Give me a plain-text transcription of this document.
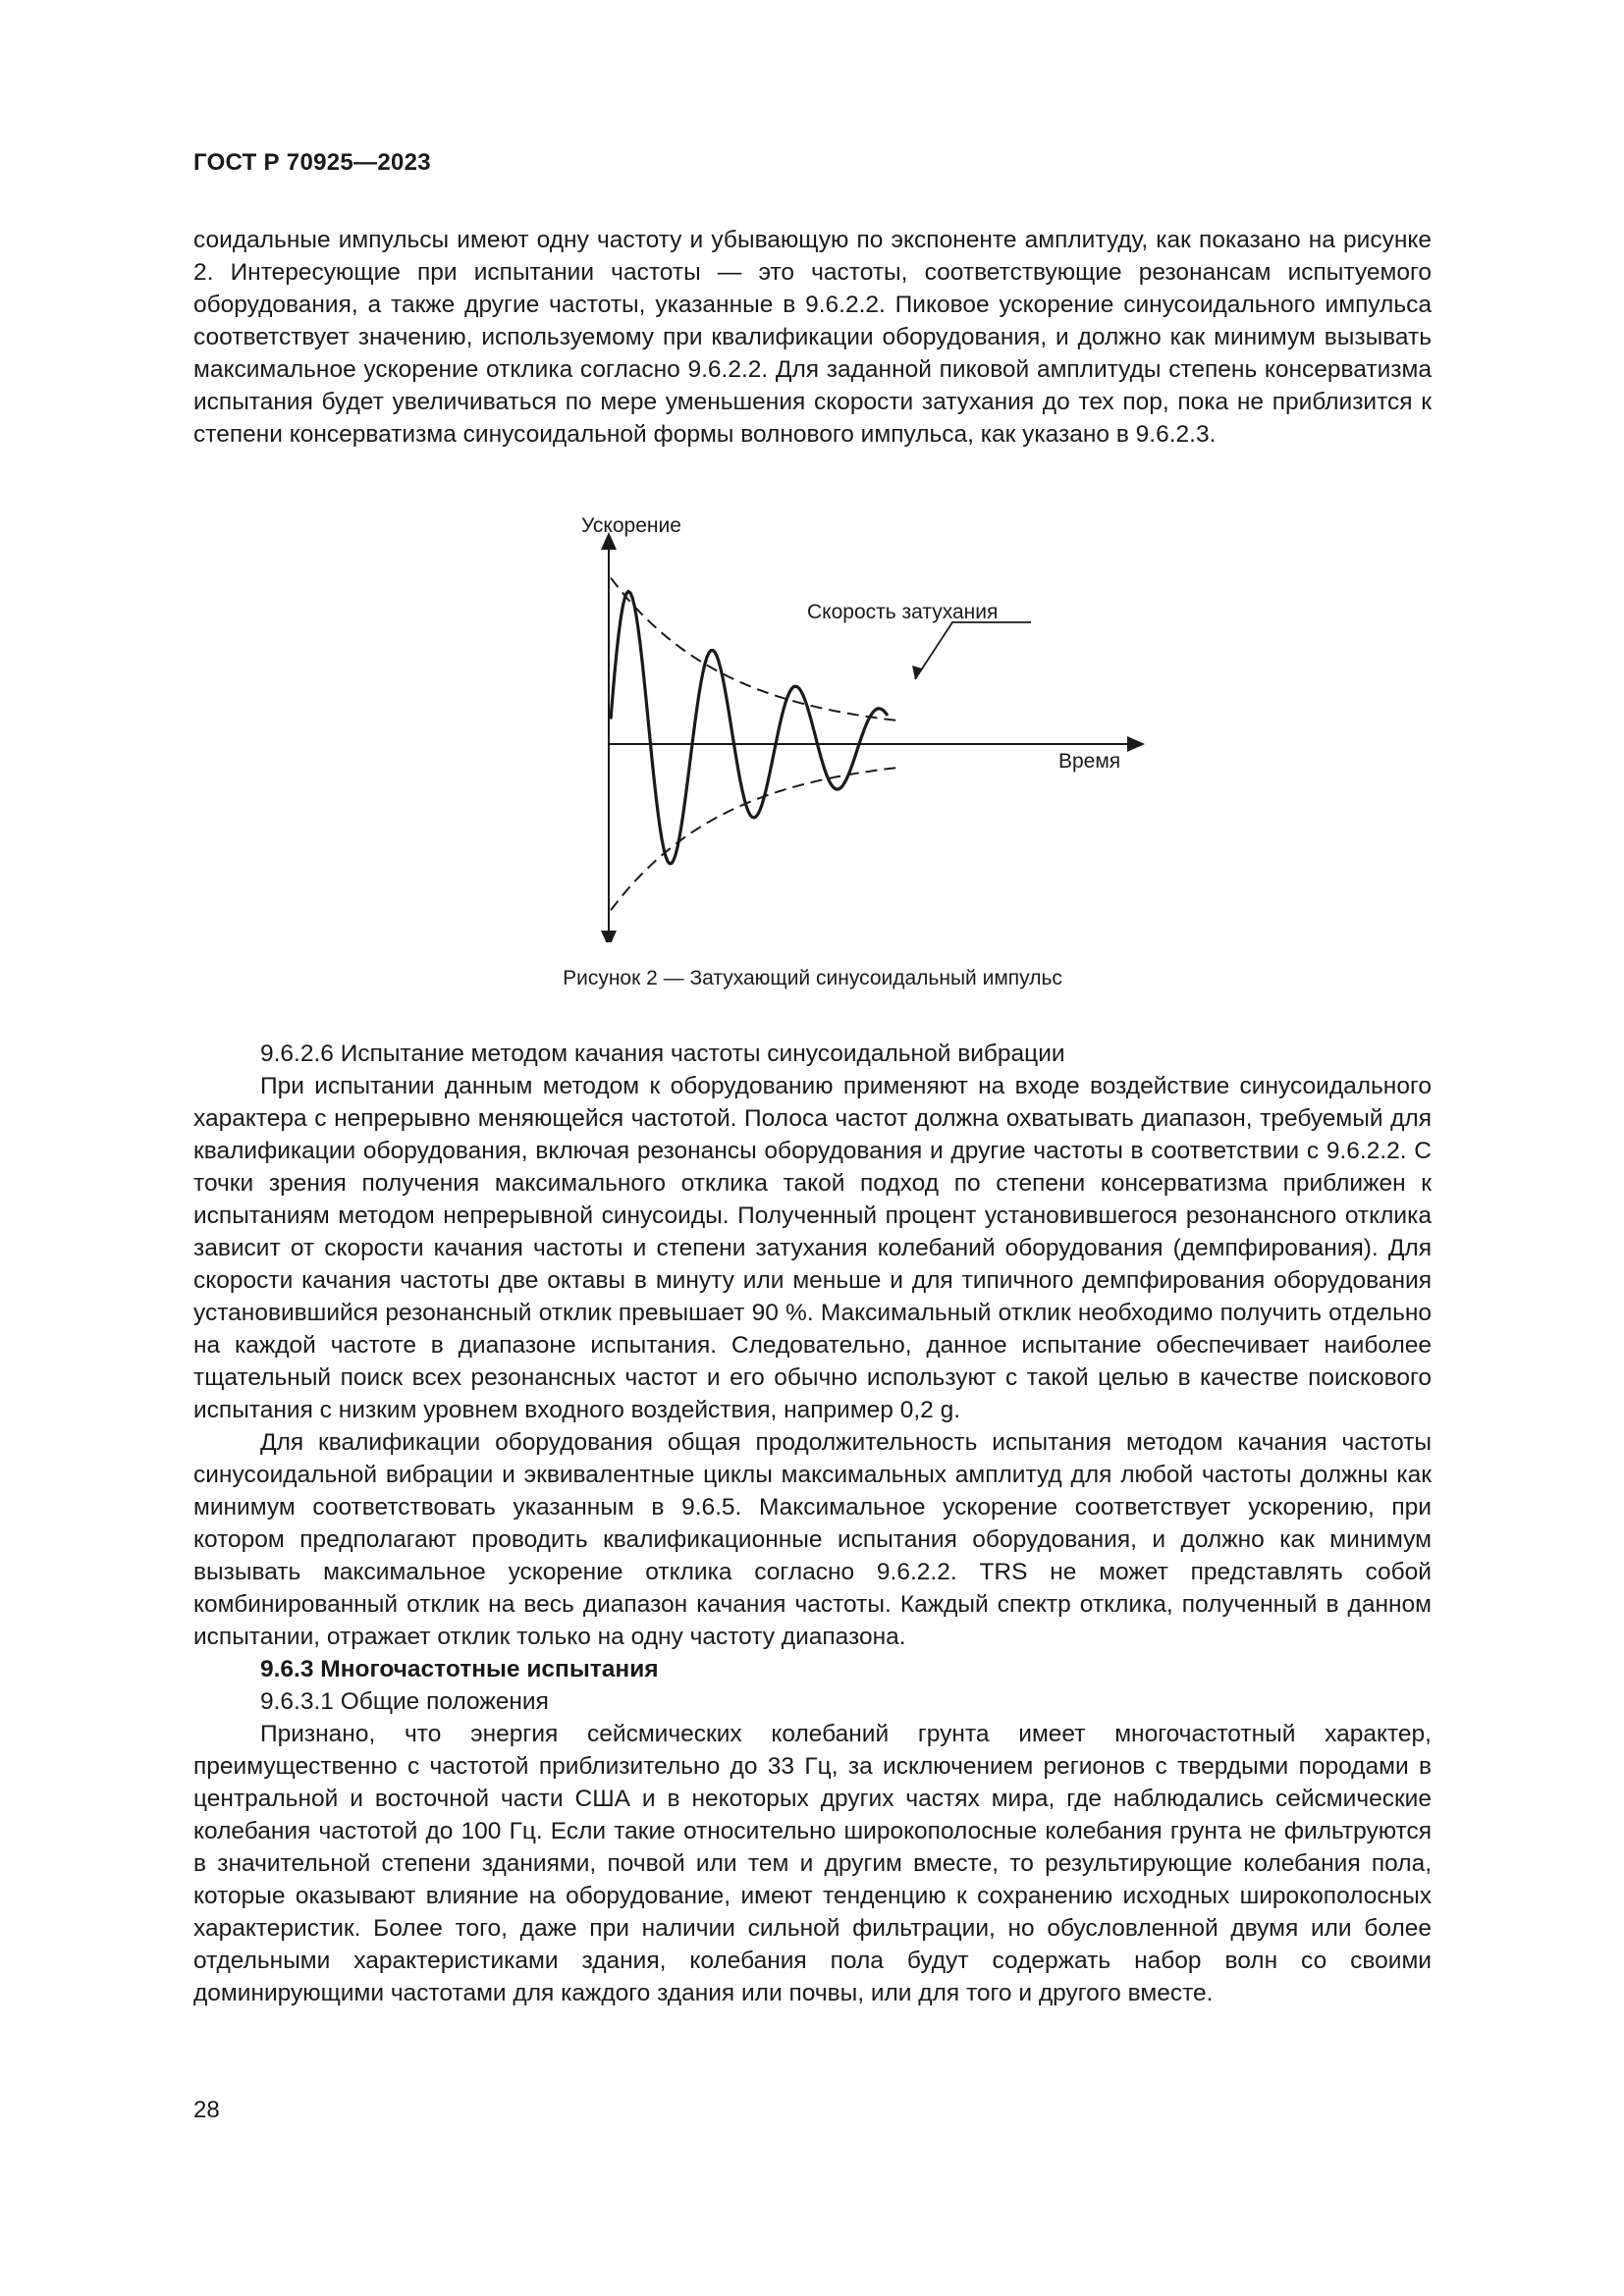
ГОСТ Р 70925—2023

соидальные импульсы имеют одну частоту и убывающую по экспоненте амплитуду, как показано на рисунке 2. Интересующие при испытании частоты — это частоты, соответствующие резонансам испытуемого оборудования, а также другие частоты, указанные в 9.6.2.2. Пиковое ускорение синусоидального импульса соответствует значению, используемому при квалификации оборудования, и должно как минимум вызывать максимальное ускорение отклика согласно 9.6.2.2. Для заданной пиковой амплитуды степень консерватизма испытания будет увеличиваться по мере уменьшения скорости затухания до тех пор, пока не приблизится к степени консерватизма синусоидальной формы волнового импульса, как указано в 9.6.2.3.

Ускорение
Скорость затухания
Время
Рисунок 2 — Затухающий синусоидальный импульс

9.6.2.6 Испытание методом качания частоты синусоидальной вибрации

При испытании данным методом к оборудованию применяют на входе воздействие синусоидального характера с непрерывно меняющейся частотой. Полоса частот должна охватывать диапазон, требуемый для квалификации оборудования, включая резонансы оборудования и другие частоты в соответствии с 9.6.2.2. С точки зрения получения максимального отклика такой подход по степени консерватизма приближен к испытаниям методом непрерывной синусоиды. Полученный процент установившегося резонансного отклика зависит от скорости качания частоты и степени затухания колебаний оборудования (демпфирования). Для скорости качания частоты две октавы в минуту или меньше и для типичного демпфирования оборудования установившийся резонансный отклик превышает 90 %. Максимальный отклик необходимо получить отдельно на каждой частоте в диапазоне испытания. Следовательно, данное испытание обеспечивает наиболее тщательный поиск всех резонансных частот и его обычно используют с такой целью в качестве поискового испытания с низким уровнем входного воздействия, например 0,2 g.

Для квалификации оборудования общая продолжительность испытания методом качания частоты синусоидальной вибрации и эквивалентные циклы максимальных амплитуд для любой частоты должны как минимум соответствовать указанным в 9.6.5. Максимальное ускорение соответствует ускорению, при котором предполагают проводить квалификационные испытания оборудования, и должно как минимум вызывать максимальное ускорение отклика согласно 9.6.2.2. TRS не может представлять собой комбинированный отклик на весь диапазон качания частоты. Каждый спектр отклика, полученный в данном испытании, отражает отклик только на одну частоту диапазона.

9.6.3 Многочастотные испытания

9.6.3.1 Общие положения

Признано, что энергия сейсмических колебаний грунта имеет многочастотный характер, преимущественно с частотой приблизительно до 33 Гц, за исключением регионов с твердыми породами в центральной и восточной части США и в некоторых других частях мира, где наблюдались сейсмические колебания частотой до 100 Гц. Если такие относительно широкополосные колебания грунта не фильтруются в значительной степени зданиями, почвой или тем и другим вместе, то результирующие колебания пола, которые оказывают влияние на оборудование, имеют тенденцию к сохранению исходных широкополосных характеристик. Более того, даже при наличии сильной фильтрации, но обусловленной двумя или более отдельными характеристиками здания, колебания пола будут содержать набор волн со своими доминирующими частотами для каждого здания или почвы, или для того и другого вместе.

28
